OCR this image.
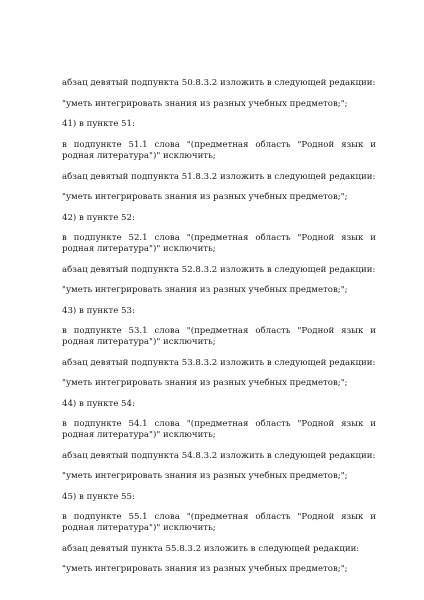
абзац девятый подпункта 50.8.3.2 изложить в следующей редакции:

"уметь интегрировать знания из разных учебных предметов;";

41) в пункте 51:

в подпункте 51.1 слова "(предметная область "Родной язык и родная литература")" исключить;

абзац девятый подпункта 51.8.3.2 изложить в следующей редакции:

"уметь интегрировать знания из разных учебных предметов;";

42) в пункте 52:

в подпункте 52.1 слова "(предметная область "Родной язык и родная литература")" исключить;

абзац девятый подпункта 52.8.3.2 изложить в следующей редакции:

"уметь интегрировать знания из разных учебных предметов;";

43) в пункте 53:

в подпункте 53.1 слова "(предметная область "Родной язык и родная литература")" исключить;

абзац девятый подпункта 53.8.3.2 изложить в следующей редакции:

"уметь интегрировать знания из разных учебных предметов;";

44) в пункте 54:

в подпункте 54.1 слова "(предметная область "Родной язык и родная литература")" исключить;

абзац девятый подпункта 54.8.3.2 изложить в следующей редакции:

"уметь интегрировать знания из разных учебных предметов;";

45) в пункте 55:

в подпункте 55.1 слова "(предметная область "Родной язык и родная литература")" исключить;

абзац девятый пункта 55.8.3.2 изложить в следующей редакции:

"уметь интегрировать знания из разных учебных предметов;";
